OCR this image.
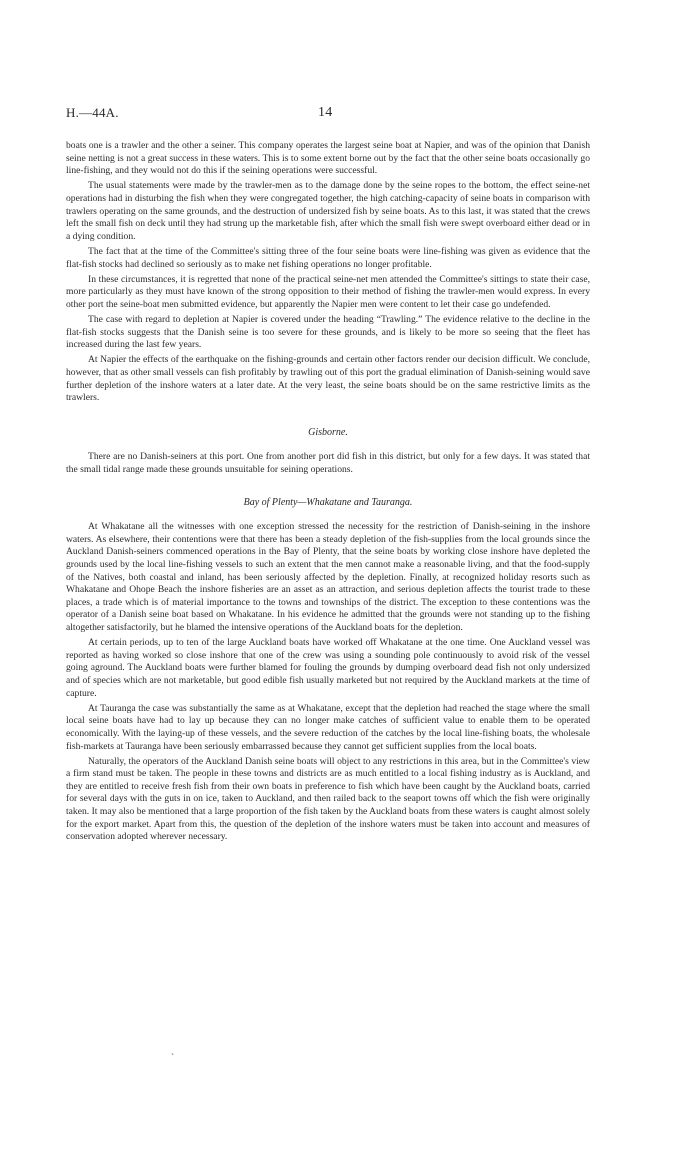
H.—44A.	14

boats one is a trawler and the other a seiner. This company operates the largest seine boat at Napier, and was of the opinion that Danish seine netting is not a great success in these waters. This is to some extent borne out by the fact that the other seine boats occasionally go line-fishing, and they would not do this if the seining operations were successful.

The usual statements were made by the trawler-men as to the damage done by the seine ropes to the bottom, the effect seine-net operations had in disturbing the fish when they were congregated together, the high catching-capacity of seine boats in comparison with trawlers operating on the same grounds, and the destruction of undersized fish by seine boats. As to this last, it was stated that the crews left the small fish on deck until they had strung up the marketable fish, after which the small fish were swept overboard either dead or in a dying condition.

The fact that at the time of the Committee's sitting three of the four seine boats were line-fishing was given as evidence that the flat-fish stocks had declined so seriously as to make net fishing operations no longer profitable.

In these circumstances, it is regretted that none of the practical seine-net men attended the Committee's sittings to state their case, more particularly as they must have known of the strong opposition to their method of fishing the trawler-men would express. In every other port the seine-boat men submitted evidence, but apparently the Napier men were content to let their case go undefended.

The case with regard to depletion at Napier is covered under the heading “Trawling.” The evidence relative to the decline in the flat-fish stocks suggests that the Danish seine is too severe for these grounds, and is likely to be more so seeing that the fleet has increased during the last few years.

At Napier the effects of the earthquake on the fishing-grounds and certain other factors render our decision difficult. We conclude, however, that as other small vessels can fish profitably by trawling out of this port the gradual elimination of Danish-seining would save further depletion of the inshore waters at a later date. At the very least, the seine boats should be on the same restrictive limits as the trawlers.

Gisborne.

There are no Danish-seiners at this port. One from another port did fish in this district, but only for a few days. It was stated that the small tidal range made these grounds unsuitable for seining operations.

Bay of Plenty—Whakatane and Tauranga.

At Whakatane all the witnesses with one exception stressed the necessity for the restriction of Danish-seining in the inshore waters. As elsewhere, their contentions were that there has been a steady depletion of the fish-supplies from the local grounds since the Auckland Danish-seiners commenced operations in the Bay of Plenty, that the seine boats by working close inshore have depleted the grounds used by the local line-fishing vessels to such an extent that the men cannot make a reasonable living, and that the food-supply of the Natives, both coastal and inland, has been seriously affected by the depletion. Finally, at recognized holiday resorts such as Whakatane and Ohope Beach the inshore fisheries are an asset as an attraction, and serious depletion affects the tourist trade to these places, a trade which is of material importance to the towns and townships of the district. The exception to these contentions was the operator of a Danish seine boat based on Whakatane. In his evidence he admitted that the grounds were not standing up to the fishing altogether satisfactorily, but he blamed the intensive operations of the Auckland boats for the depletion.

At certain periods, up to ten of the large Auckland boats have worked off Whakatane at the one time. One Auckland vessel was reported as having worked so close inshore that one of the crew was using a sounding pole continuously to avoid risk of the vessel going aground. The Auckland boats were further blamed for fouling the grounds by dumping overboard dead fish not only undersized and of species which are not marketable, but good edible fish usually marketed but not required by the Auckland markets at the time of capture.

At Tauranga the case was substantially the same as at Whakatane, except that the depletion had reached the stage where the small local seine boats have had to lay up because they can no longer make catches of sufficient value to enable them to be operated economically. With the laying-up of these vessels, and the severe reduction of the catches by the local line-fishing boats, the wholesale fish-markets at Tauranga have been seriously embarrassed because they cannot get sufficient supplies from the local boats.

Naturally, the operators of the Auckland Danish seine boats will object to any restrictions in this area, but in the Committee's view a firm stand must be taken. The people in these towns and districts are as much entitled to a local fishing industry as is Auckland, and they are entitled to receive fresh fish from their own boats in preference to fish which have been caught by the Auckland boats, carried for several days with the guts in on ice, taken to Auckland, and then railed back to the seaport towns off which the fish were originally taken. It may also be mentioned that a large proportion of the fish taken by the Auckland boats from these waters is caught almost solely for the export market. Apart from this, the question of the depletion of the inshore waters must be taken into account and measures of conservation adopted wherever necessary.

`
